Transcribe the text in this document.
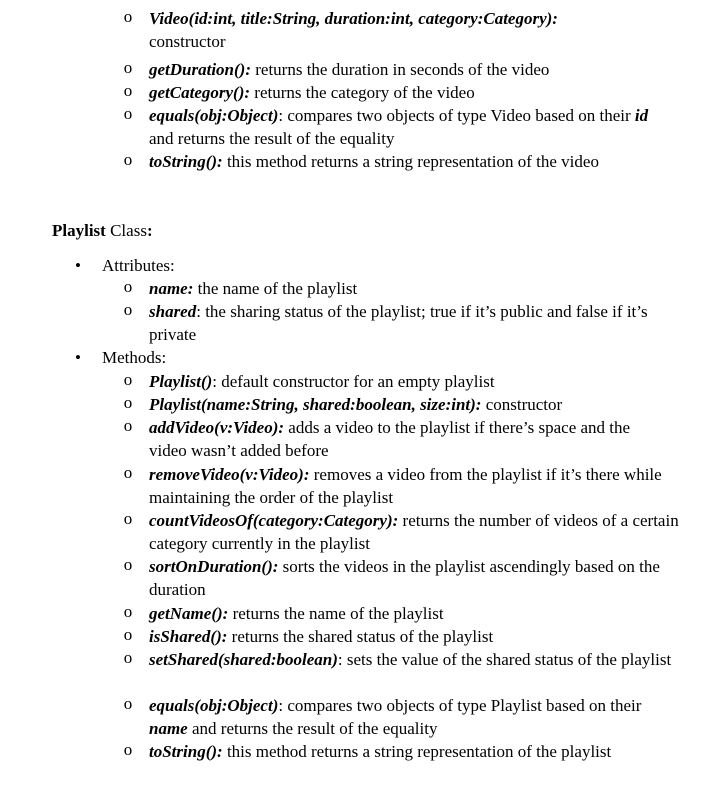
o Video(id:int, title:String, duration:int, category:Category):
constructor
o getDuration(): returns the duration in seconds of the video
o getCategory(): returns the category of the video
o equals(obj:Object): compares two objects of type Video based on their id and returns the result of the equality
o toString(): this method returns a string representation of the video
Playlist Class:
• Attributes:
o name: the name of the playlist
o shared: the sharing status of the playlist; true if it’s public and false if it’s private
• Methods:
o Playlist(): default constructor for an empty playlist
o Playlist(name:String, shared:boolean, size:int): constructor
o addVideo(v:Video): adds a video to the playlist if there’s space and the video wasn’t added before
o removeVideo(v:Video): removes a video from the playlist if it’s there while maintaining the order of the playlist
o countVideosOf(category:Category): returns the number of videos of a certain category currently in the playlist
o sortOnDuration(): sorts the videos in the playlist ascendingly based on the duration
o getName(): returns the name of the playlist
o isShared(): returns the shared status of the playlist
o setShared(shared:boolean): sets the value of the shared status of the playlist
o equals(obj:Object): compares two objects of type Playlist based on their name and returns the result of the equality
o toString(): this method returns a string representation of the playlist
